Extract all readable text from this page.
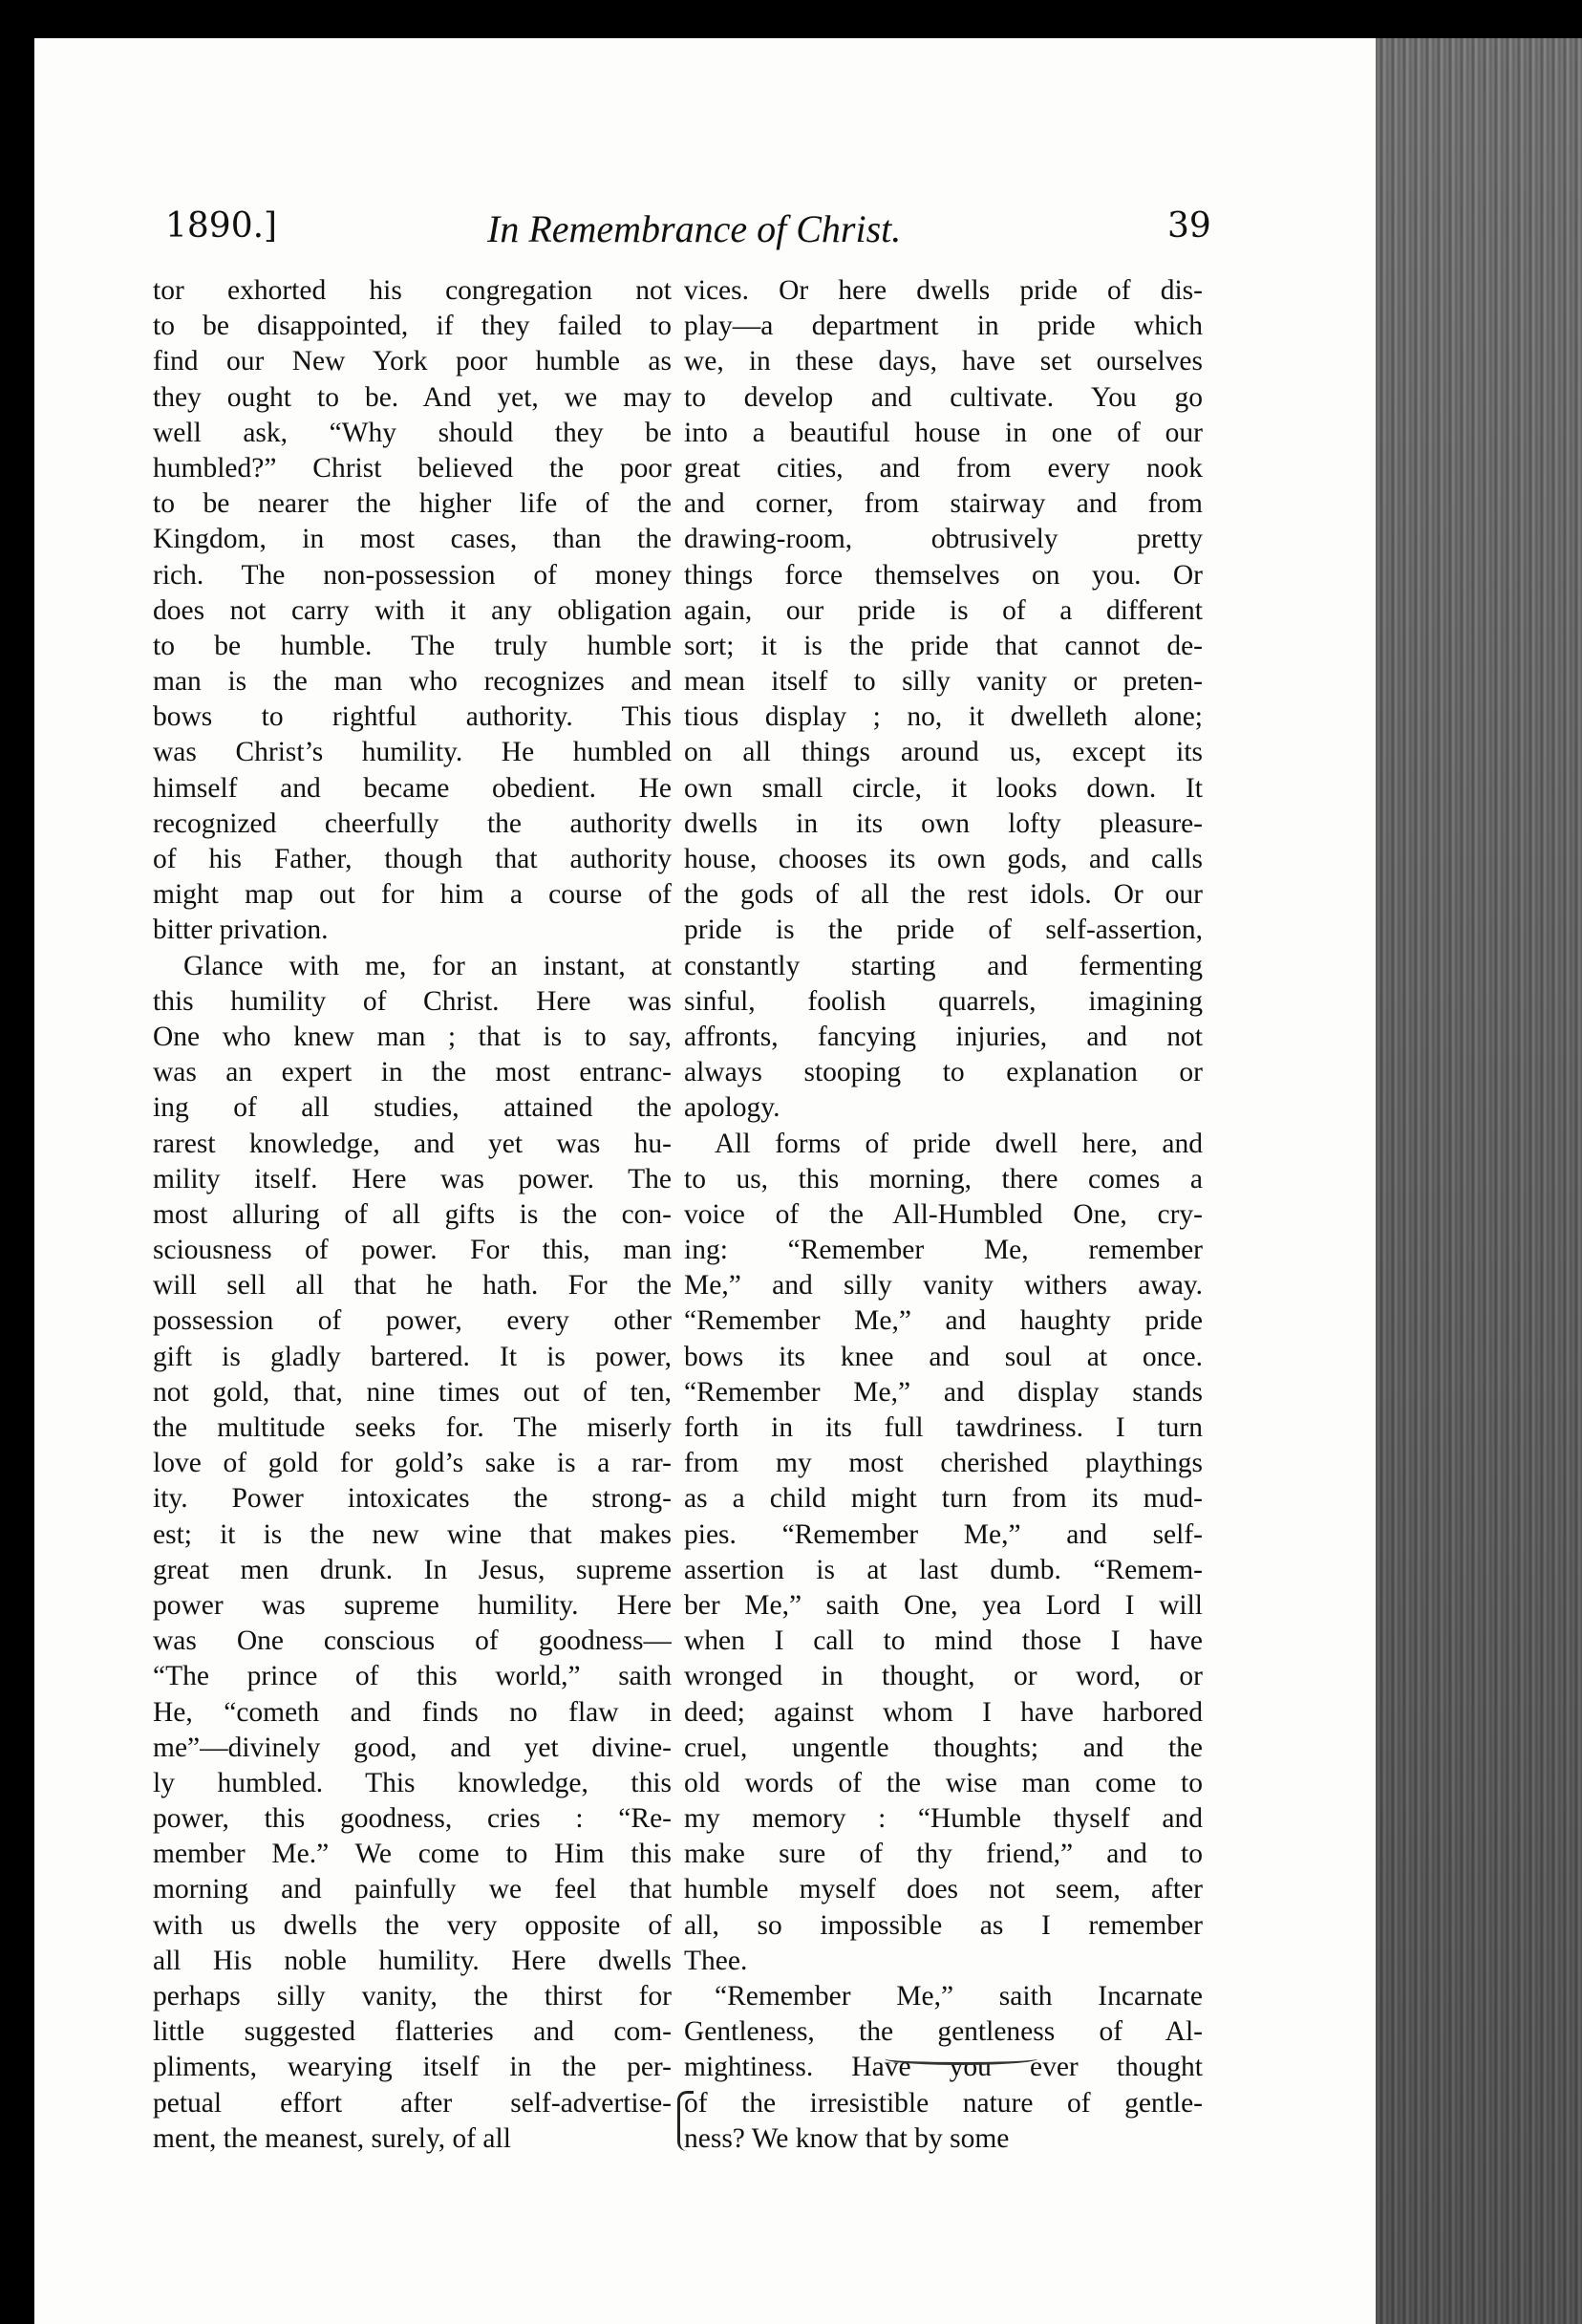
1890.]	In Remembrance of Christ.	39
tor exhorted his congregation not
to be disappointed, if they failed to
find our New York poor humble as
they ought to be. And yet, we may
well ask, “Why should they be
humbled?” Christ believed the poor
to be nearer the higher life of the
Kingdom, in most cases, than the
rich. The non-possession of money
does not carry with it any obligation
to be humble. The truly humble
man is the man who recognizes and
bows to rightful authority. This
was Christ’s humility. He humbled
himself and became obedient. He
recognized cheerfully the authority
of his Father, though that authority
might map out for him a course of
bitter privation.
Glance with me, for an instant, at
this humility of Christ. Here was
One who knew man ; that is to say,
was an expert in the most entranc-
ing of all studies, attained the
rarest knowledge, and yet was hu-
mility itself. Here was power. The
most alluring of all gifts is the con-
sciousness of power. For this, man
will sell all that he hath. For the
possession of power, every other
gift is gladly bartered. It is power,
not gold, that, nine times out of ten,
the multitude seeks for. The miserly
love of gold for gold’s sake is a rar-
ity. Power intoxicates the strong-
est; it is the new wine that makes
great men drunk. In Jesus, supreme
power was supreme humility. Here
was One conscious of goodness—
“The prince of this world,” saith
He, “cometh and finds no flaw in
me”—divinely good, and yet divine-
ly humbled. This knowledge, this
power, this goodness, cries : “Re-
member Me.” We come to Him this
morning and painfully we feel that
with us dwells the very opposite of
all His noble humility. Here dwells
perhaps silly vanity, the thirst for
little suggested flatteries and com-
pliments, wearying itself in the per-
petual effort after self-advertise-
ment, the meanest, surely, of all
vices. Or here dwells pride of dis-
play—a department in pride which
we, in these days, have set ourselves
to develop and cultivate. You go
into a beautiful house in one of our
great cities, and from every nook
and corner, from stairway and from
drawing-room, obtrusively pretty
things force themselves on you. Or
again, our pride is of a different
sort; it is the pride that cannot de-
mean itself to silly vanity or preten-
tious display ; no, it dwelleth alone;
on all things around us, except its
own small circle, it looks down. It
dwells in its own lofty pleasure-
house, chooses its own gods, and calls
the gods of all the rest idols. Or our
pride is the pride of self-assertion,
constantly starting and fermenting
sinful, foolish quarrels, imagining
affronts, fancying injuries, and not
always stooping to explanation or
apology.
All forms of pride dwell here, and
to us, this morning, there comes a
voice of the All-Humbled One, cry-
ing: “Remember Me, remember
Me,” and silly vanity withers away.
“Remember Me,” and haughty pride
bows its knee and soul at once.
“Remember Me,” and display stands
forth in its full tawdriness. I turn
from my most cherished playthings
as a child might turn from its mud-
pies. “Remember Me,” and self-
assertion is at last dumb. “Remem-
ber Me,” saith One, yea Lord I will
when I call to mind those I have
wronged in thought, or word, or
deed; against whom I have harbored
cruel, ungentle thoughts; and the
old words of the wise man come to
my memory : “Humble thyself and
make sure of thy friend,” and to
humble myself does not seem, after
all, so impossible as I remember
Thee.
“Remember Me,” saith Incarnate
Gentleness, the gentleness of Al-
mightiness. Have you ever thought
of the irresistible nature of gentle-
ness? We know that by some
